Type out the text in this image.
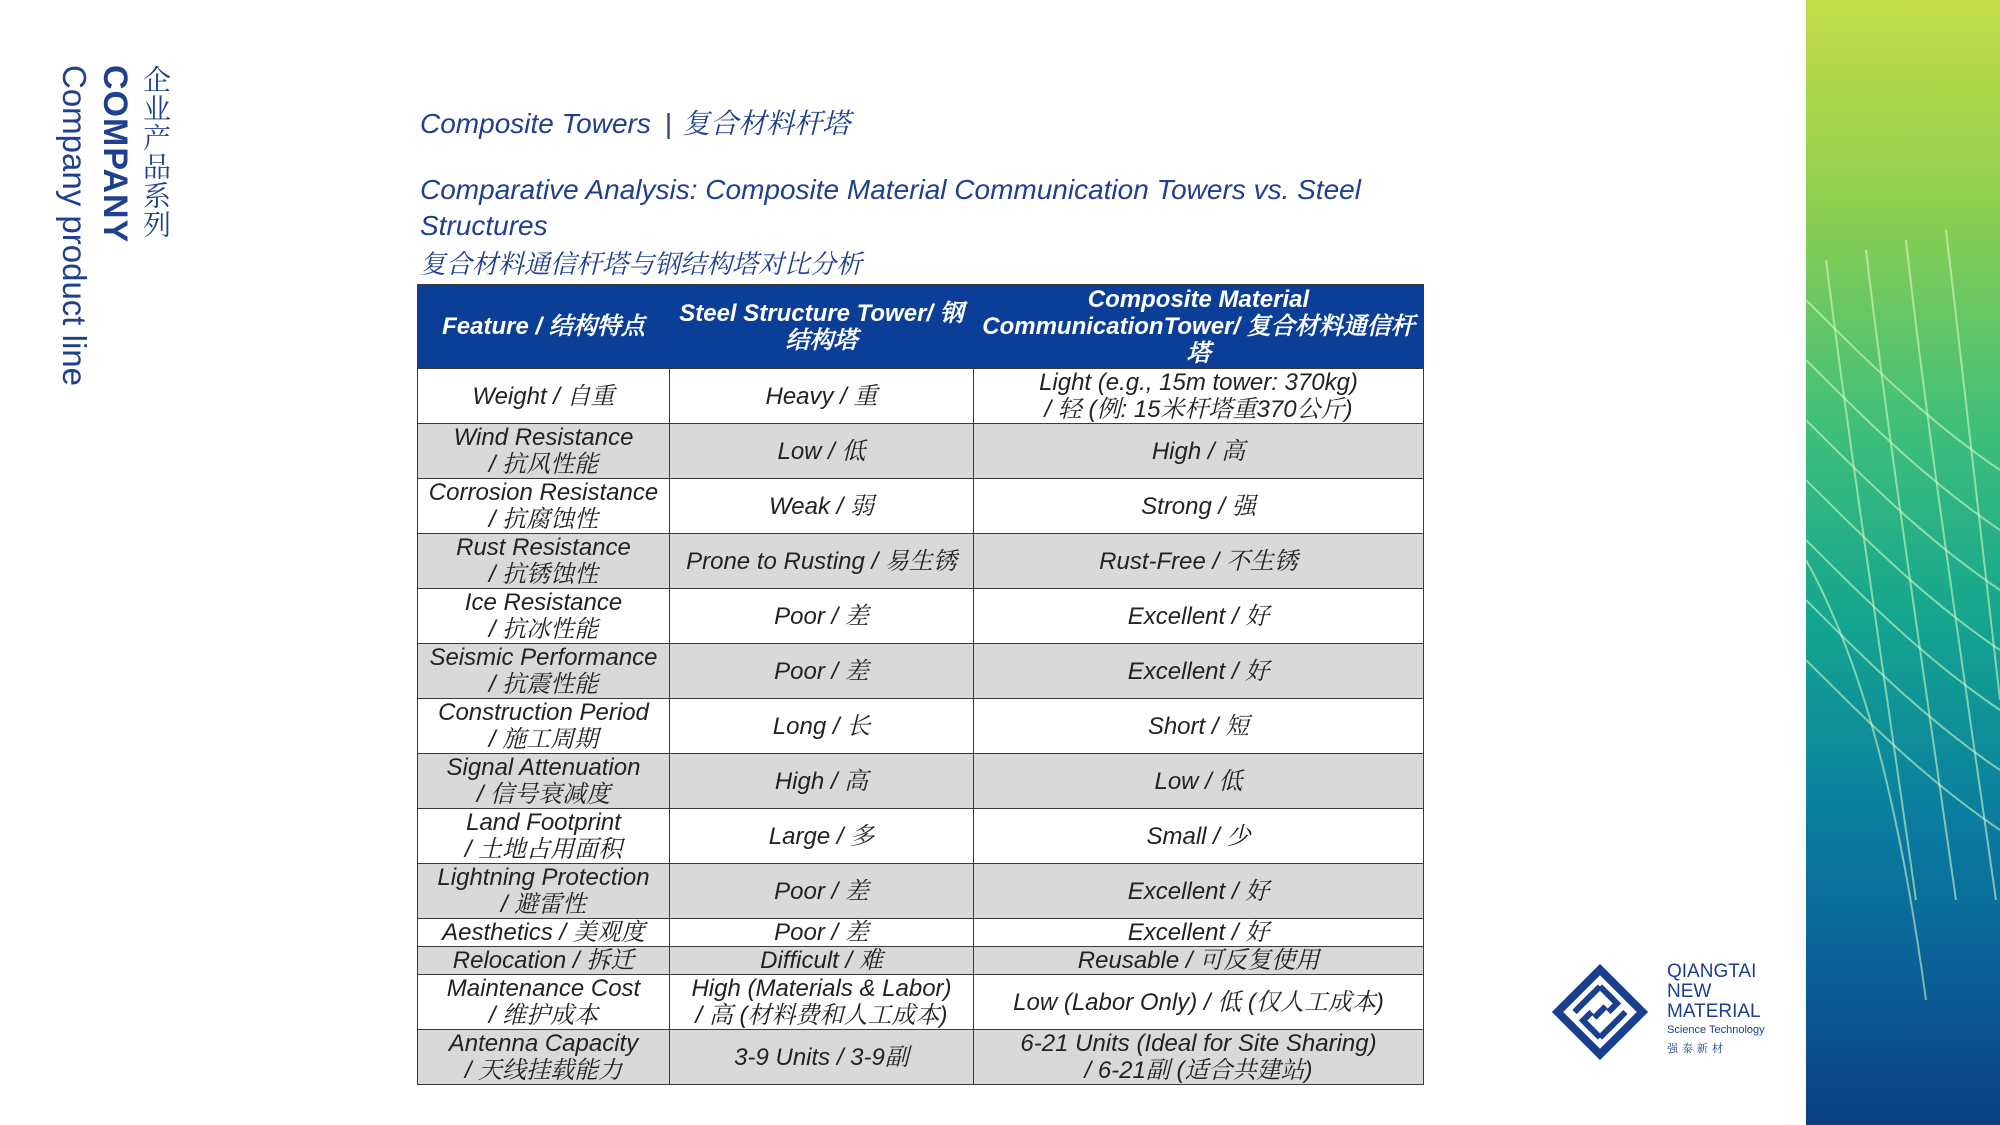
企业产品系列
COMPANY
Company product line	Composite Towers | 复合材料杆塔
Comparative Analysis: Composite Material Communication Towers vs. Steel Structures
复合材料通信杆塔与钢结构塔对比分析
Feature / 结构特点	Steel Structure Tower/ 钢结构塔	Composite Material CommunicationTower/ 复合材料通信杆塔

Weight / 自重	Heavy / 重	Light (e.g., 15m tower: 370kg)
/ 轻 (例: 15米杆塔重370公斤)

Wind Resistance
/ 抗风性能	Low / 低	High / 高

Corrosion Resistance
/ 抗腐蚀性	Weak / 弱	Strong / 强

Rust Resistance
/ 抗锈蚀性	Prone to Rusting / 易生锈	Rust-Free / 不生锈

Ice Resistance
/ 抗冰性能	Poor / 差	Excellent / 好

Seismic Performance
/ 抗震性能	Poor / 差	Excellent / 好

Construction Period
/ 施工周期	Long / 长	Short / 短

Signal Attenuation
/ 信号衰减度	High / 高	Low / 低

Land Footprint
/ 土地占用面积	Large / 多	Small / 少

Lightning Protection
/ 避雷性	Poor / 差	Excellent / 好

Aesthetics / 美观度	Poor / 差	Excellent / 好

Relocation / 拆迁	Difficult / 难	Reusable / 可反复使用

Maintenance Cost
/ 维护成本	High (Materials & Labor)
/ 高 (材料费和人工成本)	Low (Labor Only) / 低 (仅人工成本)

Antenna Capacity
/ 天线挂载能力	3-9 Units / 3-9副	6-21 Units (Ideal for Site Sharing)
/ 6-21副 (适合共建站)
QIANGTAI
NEW
MATERIAL
Science Technology
强泰新材
